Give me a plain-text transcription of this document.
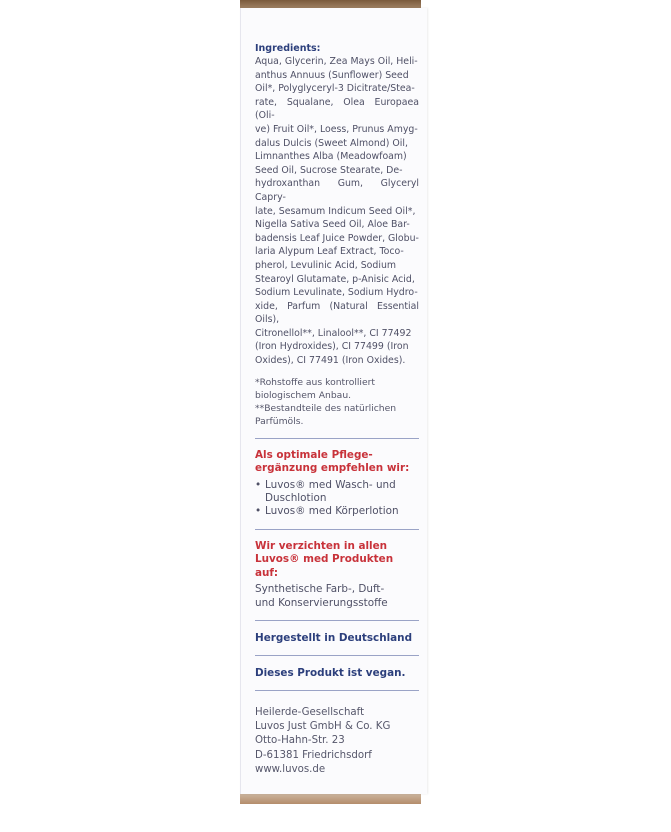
Ingredients:
Aqua, Glycerin, Zea Mays Oil, Heli-
anthus Annuus (Sunflower) Seed
Oil*, Polyglyceryl-3 Dicitrate/Stea-
rate, Squalane, Olea Europaea (Oli-
ve) Fruit Oil*, Loess, Prunus Amyg-
dalus Dulcis (Sweet Almond) Oil,
Limnanthes Alba (Meadowfoam)
Seed Oil, Sucrose Stearate, De-
hydroxanthan Gum, Glyceryl Capry-
late, Sesamum Indicum Seed Oil*,
Nigella Sativa Seed Oil, Aloe Bar-
badensis Leaf Juice Powder, Globu-
laria Alypum Leaf Extract, Toco-
pherol, Levulinic Acid, Sodium
Stearoyl Glutamate, p-Anisic Acid,
Sodium Levulinate, Sodium Hydro-
xide, Parfum (Natural Essential Oils),
Citronellol**, Linalool**, CI 77492
(Iron Hydroxides), CI 77499 (Iron
Oxides), CI 77491 (Iron Oxides).
*Rohstoffe aus kontrolliert
biologischem Anbau.
**Bestandteile des natürlichen
Parfümöls.
Als optimale Pflege-
ergänzung empfehlen wir:
• Luvos® med Wasch- und
Duschlotion
• Luvos® med Körperlotion
Wir verzichten in allen
Luvos® med Produkten auf:
Synthetische Farb-, Duft-
und Konservierungsstoffe
Hergestellt in Deutschland
Dieses Produkt ist vegan.
Heilerde-Gesellschaft
Luvos Just GmbH & Co. KG
Otto-Hahn-Str. 23
D-61381 Friedrichsdorf
www.luvos.de
